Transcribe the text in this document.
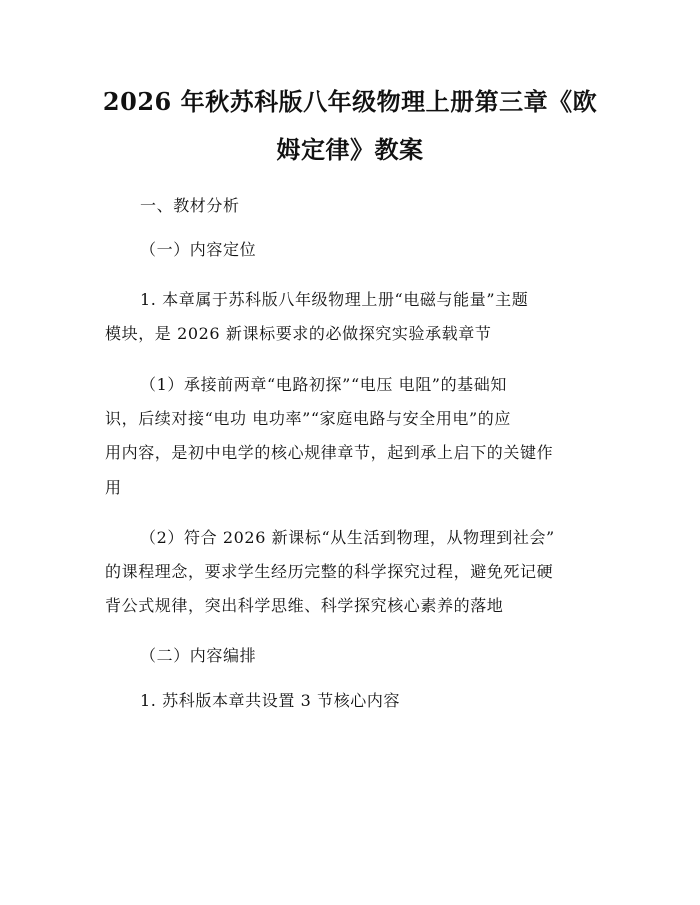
2026 年秋苏科版八年级物理上册第三章《欧
姆定律》教案
一、教材分析
（一）内容定位
1. 本章属于苏科版八年级物理上册“电磁与能量”主题
模块，是 2026 新课标要求的必做探究实验承载章节
（1）承接前两章“电路初探”“电压 电阻”的基础知
识，后续对接“电功 电功率”“家庭电路与安全用电”的应
用内容，是初中电学的核心规律章节，起到承上启下的关键作
用
（2）符合 2026 新课标“从生活到物理，从物理到社会”
的课程理念，要求学生经历完整的科学探究过程，避免死记硬
背公式规律，突出科学思维、科学探究核心素养的落地
（二）内容编排
1. 苏科版本章共设置 3 节核心内容
